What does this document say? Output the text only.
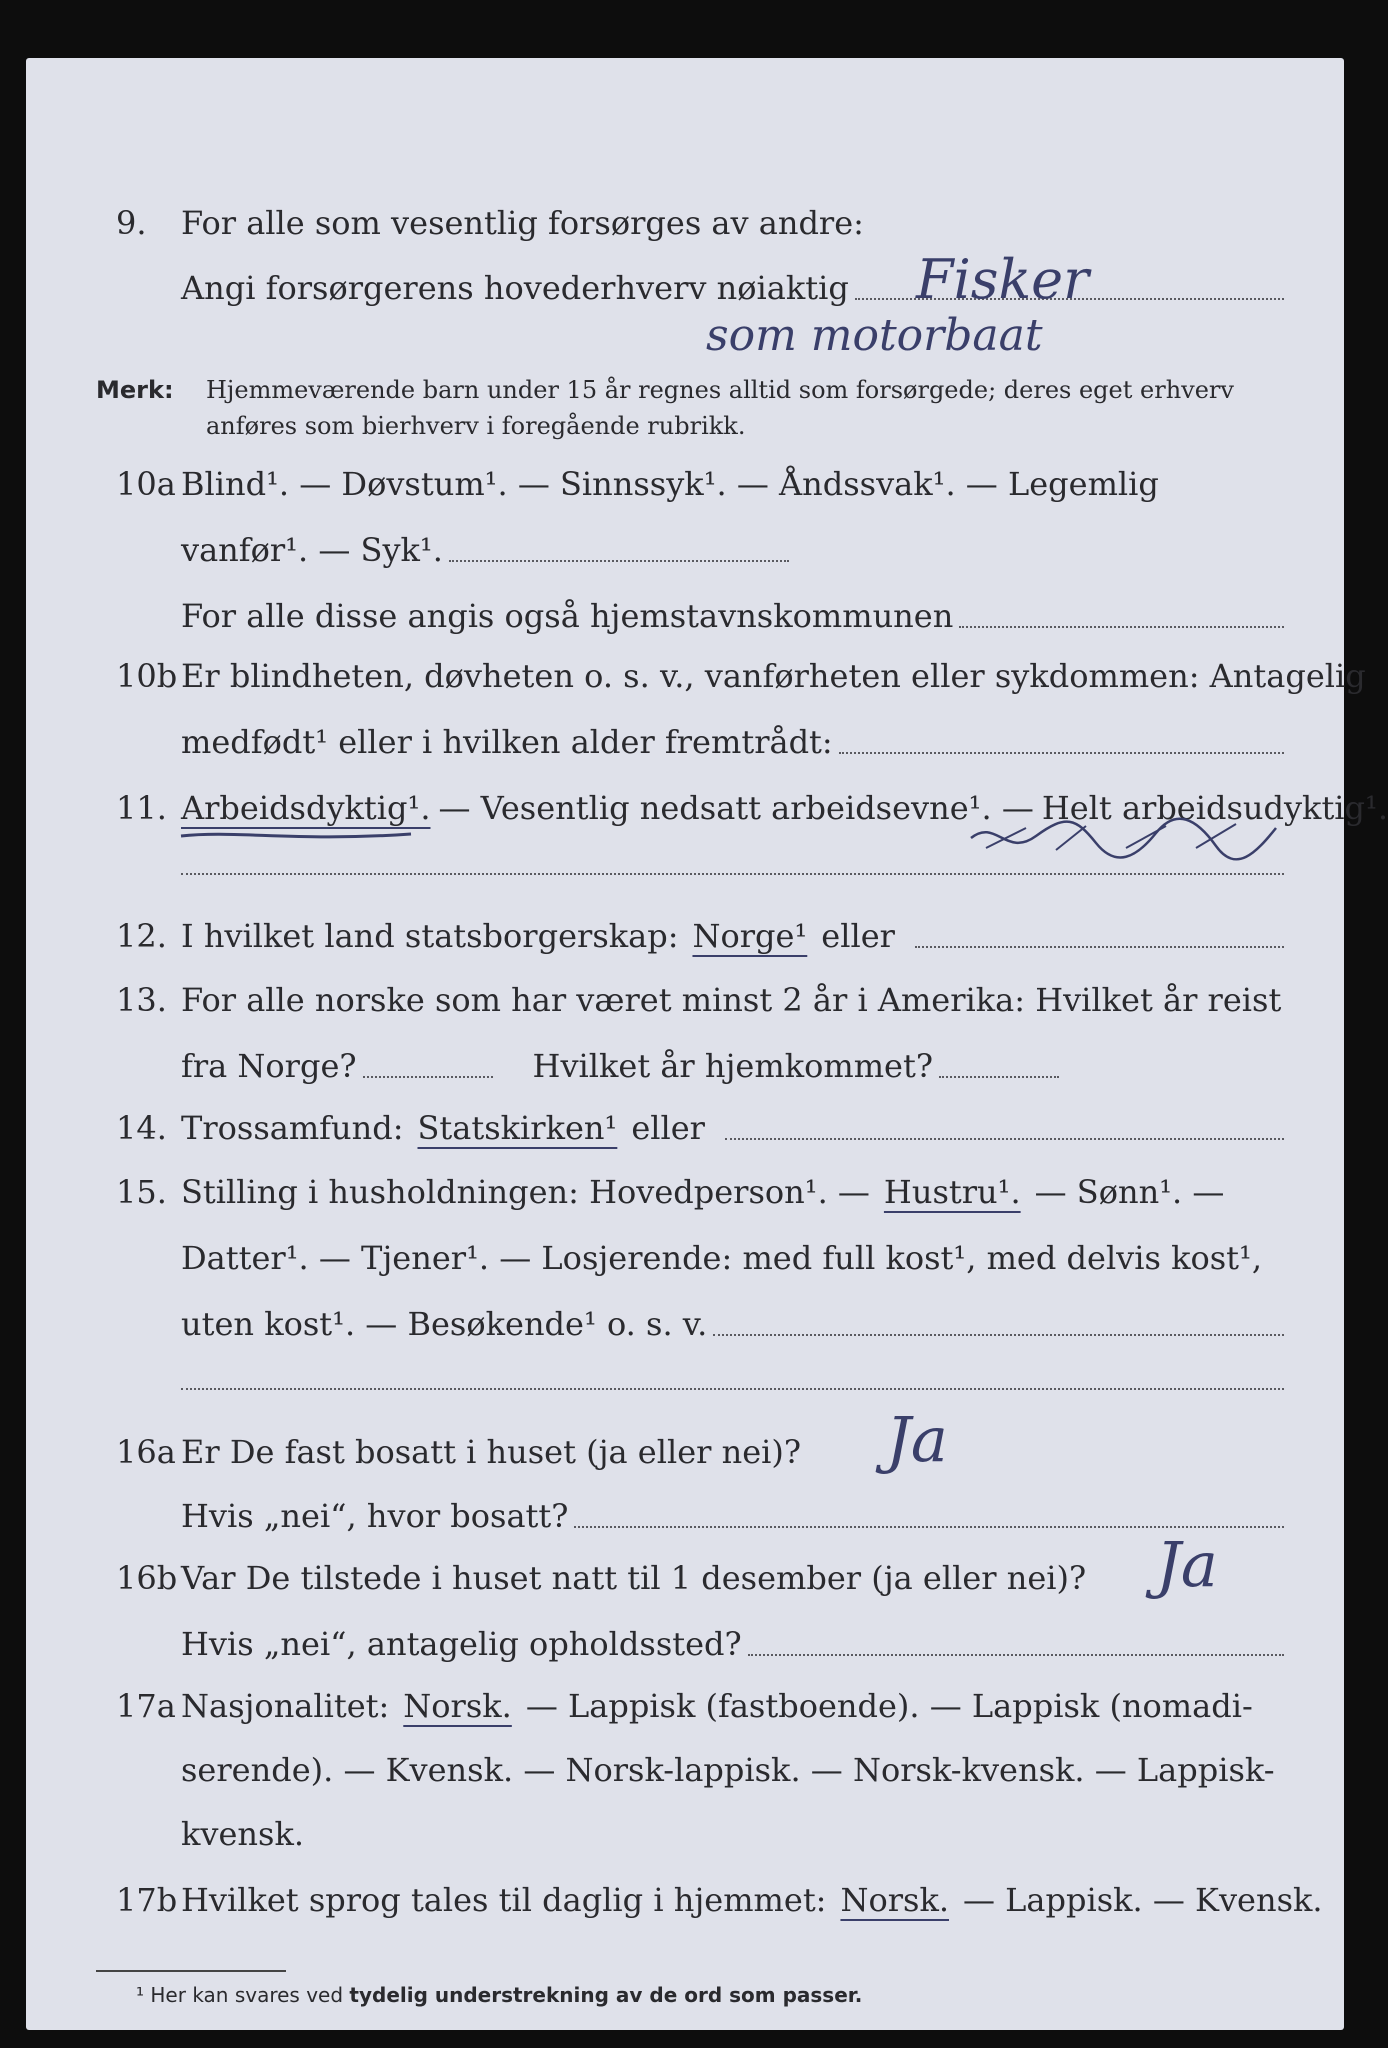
9. For alle som vesentlig forsørges av andre:
Angi forsørgerens hovederhverv nøiaktig Fisker
som motorbaat
Merk: Hjemmeværende barn under 15 år regnes alltid som forsørgede; deres eget erhverv
anføres som bierhverv i foregående rubrikk.
10a Blind¹. — Døvstum¹. — Sinnssyk¹. — Åndssvak¹. — Legemlig
vanfør¹. — Syk¹.
For alle disse angis også hjemstavnskommunen
10b Er blindheten, døvheten o. s. v., vanførheten eller sykdommen: Antagelig
medfødt¹ eller i hvilken alder fremtrådt:
11. Arbeidsdyktig¹. — Vesentlig nedsatt arbeidsevne¹. — Helt arbeidsudyktig¹.
12. I hvilket land statsborgerskap: Norge¹ eller
13. For alle norske som har været minst 2 år i Amerika: Hvilket år reist
fra Norge?	Hvilket år hjemkommet?
14. Trossamfund: Statskirken¹ eller
15. Stilling i husholdningen: Hovedperson¹. — Hustru¹. — Sønn¹. —
Datter¹. — Tjener¹. — Losjerende: med full kost¹, med delvis kost¹,
uten kost¹. — Besøkende¹ o. s. v.
16a Er De fast bosatt i huset (ja eller nei)? Ja
Hvis „nei“, hvor bosatt?
16b Var De tilstede i huset natt til 1 desember (ja eller nei)? Ja
Hvis „nei“, antagelig opholdssted?
17a Nasjonalitet: Norsk. — Lappisk (fastboende). — Lappisk (nomadi-
serende). — Kvensk. — Norsk-lappisk. — Norsk-kvensk. — Lappisk-
kvensk.
17b Hvilket sprog tales til daglig i hjemmet: Norsk. — Lappisk. — Kvensk.
¹ Her kan svares ved tydelig understrekning av de ord som passer.
